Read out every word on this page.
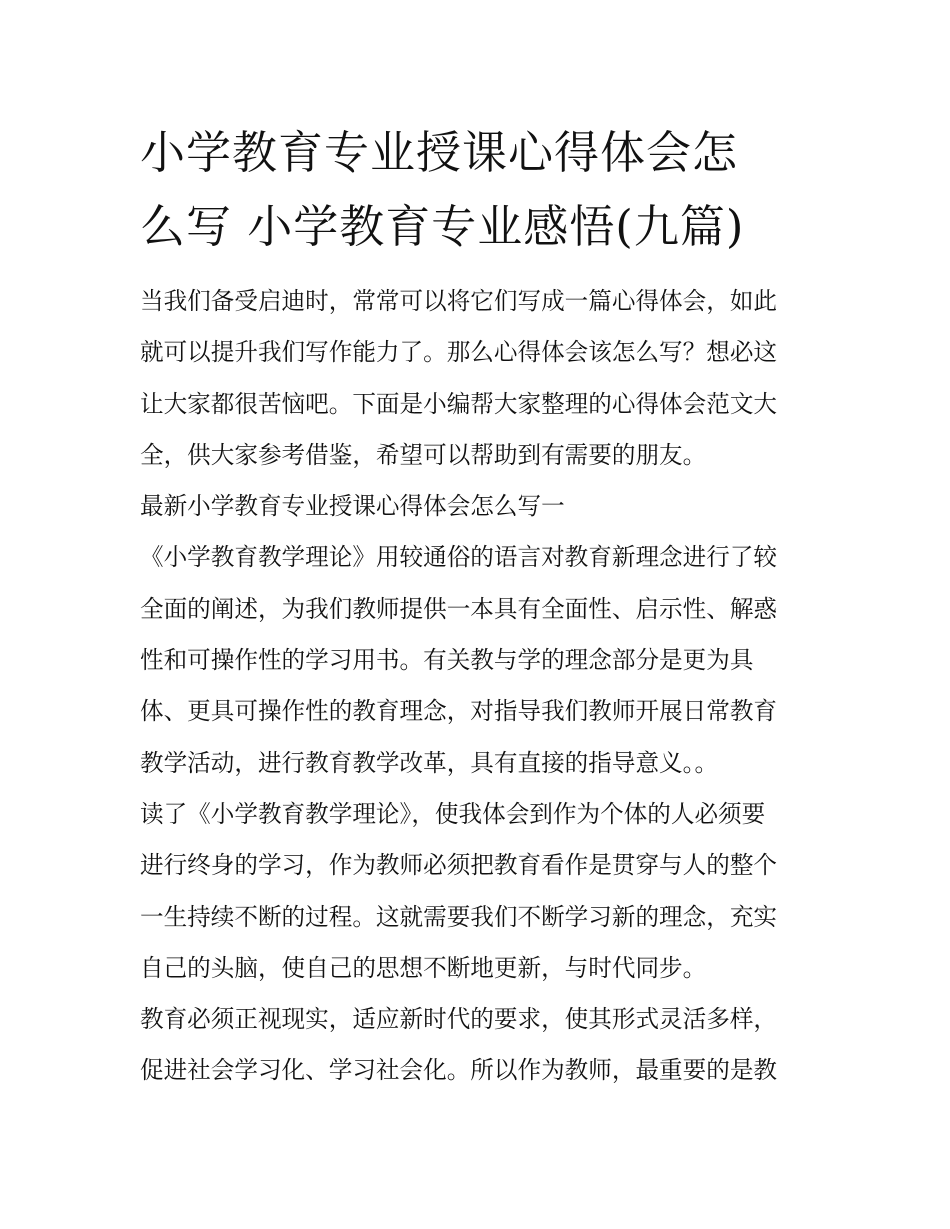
小学教育专业授课心得体会怎
么写 小学教育专业感悟(九篇)

当我们备受启迪时，常常可以将它们写成一篇心得体会，如此
就可以提升我们写作能力了。那么心得体会该怎么写？想必这
让大家都很苦恼吧。下面是小编帮大家整理的心得体会范文大
全，供大家参考借鉴，希望可以帮助到有需要的朋友。

最新小学教育专业授课心得体会怎么写一

《小学教育教学理论》用较通俗的语言对教育新理念进行了较
全面的阐述，为我们教师提供一本具有全面性、启示性、解惑
性和可操作性的学习用书。有关教与学的理念部分是更为具
体、更具可操作性的教育理念，对指导我们教师开展日常教育
教学活动，进行教育教学改革，具有直接的指导意义。。

读了《小学教育教学理论》，使我体会到作为个体的人必须要
进行终身的学习，作为教师必须把教育看作是贯穿与人的整个
一生持续不断的过程。这就需要我们不断学习新的理念，充实
自己的头脑，使自己的思想不断地更新，与时代同步。

教育必须正视现实，适应新时代的要求，使其形式灵活多样，
促进社会学习化、学习社会化。所以作为教师，最重要的是教
